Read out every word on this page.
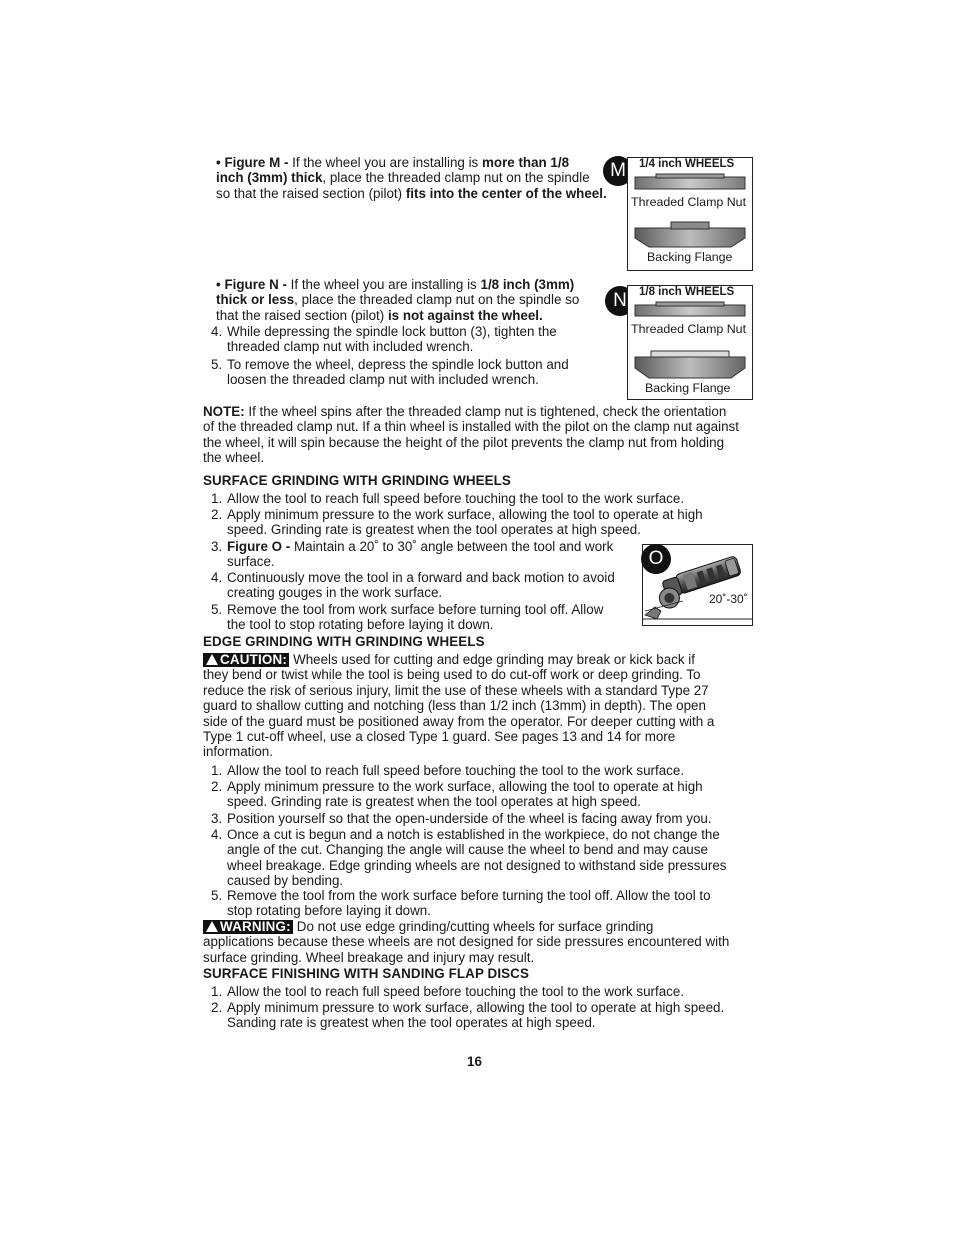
• Figure M - If the wheel you are installing is more than 1/8
inch (3mm) thick, place the threaded clamp nut on the spindle
so that the raised section (pilot) fits into the center of the wheel.
M	1/4 inch WHEELS
Threaded Clamp Nut
Backing Flange
• Figure N - If the wheel you are installing is 1/8 inch (3mm)
thick or less, place the threaded clamp nut on the spindle so
that the raised section (pilot) is not against the wheel.
4. While depressing the spindle lock button (3), tighten the
threaded clamp nut with included wrench.
5. To remove the wheel, depress the spindle lock button and
loosen the threaded clamp nut with included wrench.
N	1/8 inch WHEELS
Threaded Clamp Nut
Backing Flange
NOTE: If the wheel spins after the threaded clamp nut is tightened, check the orientation
of the threaded clamp nut. If a thin wheel is installed with the pilot on the clamp nut against
the wheel, it will spin because the height of the pilot prevents the clamp nut from holding
the wheel.
SURFACE GRINDING WITH GRINDING WHEELS
1. Allow the tool to reach full speed before touching the tool to the work surface.
2. Apply minimum pressure to the work surface, allowing the tool to operate at high
speed. Grinding rate is greatest when the tool operates at high speed.
3. Figure O - Maintain a 20˚ to 30˚ angle between the tool and work
surface.
4. Continuously move the tool in a forward and back motion to avoid
creating gouges in the work surface.
5. Remove the tool from work surface before turning tool off. Allow
the tool to stop rotating before laying it down.
20˚-30˚
O
EDGE GRINDING WITH GRINDING WHEELS
CAUTION: Wheels used for cutting and edge grinding may break or kick back if
they bend or twist while the tool is being used to do cut-off work or deep grinding. To
reduce the risk of serious injury, limit the use of these wheels with a standard Type 27
guard to shallow cutting and notching (less than 1/2 inch (13mm) in depth). The open
side of the guard must be positioned away from the operator. For deeper cutting with a
Type 1 cut-off wheel, use a closed Type 1 guard. See pages 13 and 14 for more
information.
1. Allow the tool to reach full speed before touching the tool to the work surface.
2. Apply minimum pressure to the work surface, allowing the tool to operate at high
speed. Grinding rate is greatest when the tool operates at high speed.
3. Position yourself so that the open-underside of the wheel is facing away from you.
4. Once a cut is begun and a notch is established in the workpiece, do not change the
angle of the cut. Changing the angle will cause the wheel to bend and may cause
wheel breakage. Edge grinding wheels are not designed to withstand side pressures
caused by bending.
5. Remove the tool from the work surface before turning the tool off. Allow the tool to
stop rotating before laying it down.
WARNING: Do not use edge grinding/cutting wheels for surface grinding
applications because these wheels are not designed for side pressures encountered with
surface grinding. Wheel breakage and injury may result.
SURFACE FINISHING WITH SANDING FLAP DISCS
1. Allow the tool to reach full speed before touching the tool to the work surface.
2. Apply minimum pressure to work surface, allowing the tool to operate at high speed.
Sanding rate is greatest when the tool operates at high speed.
16
